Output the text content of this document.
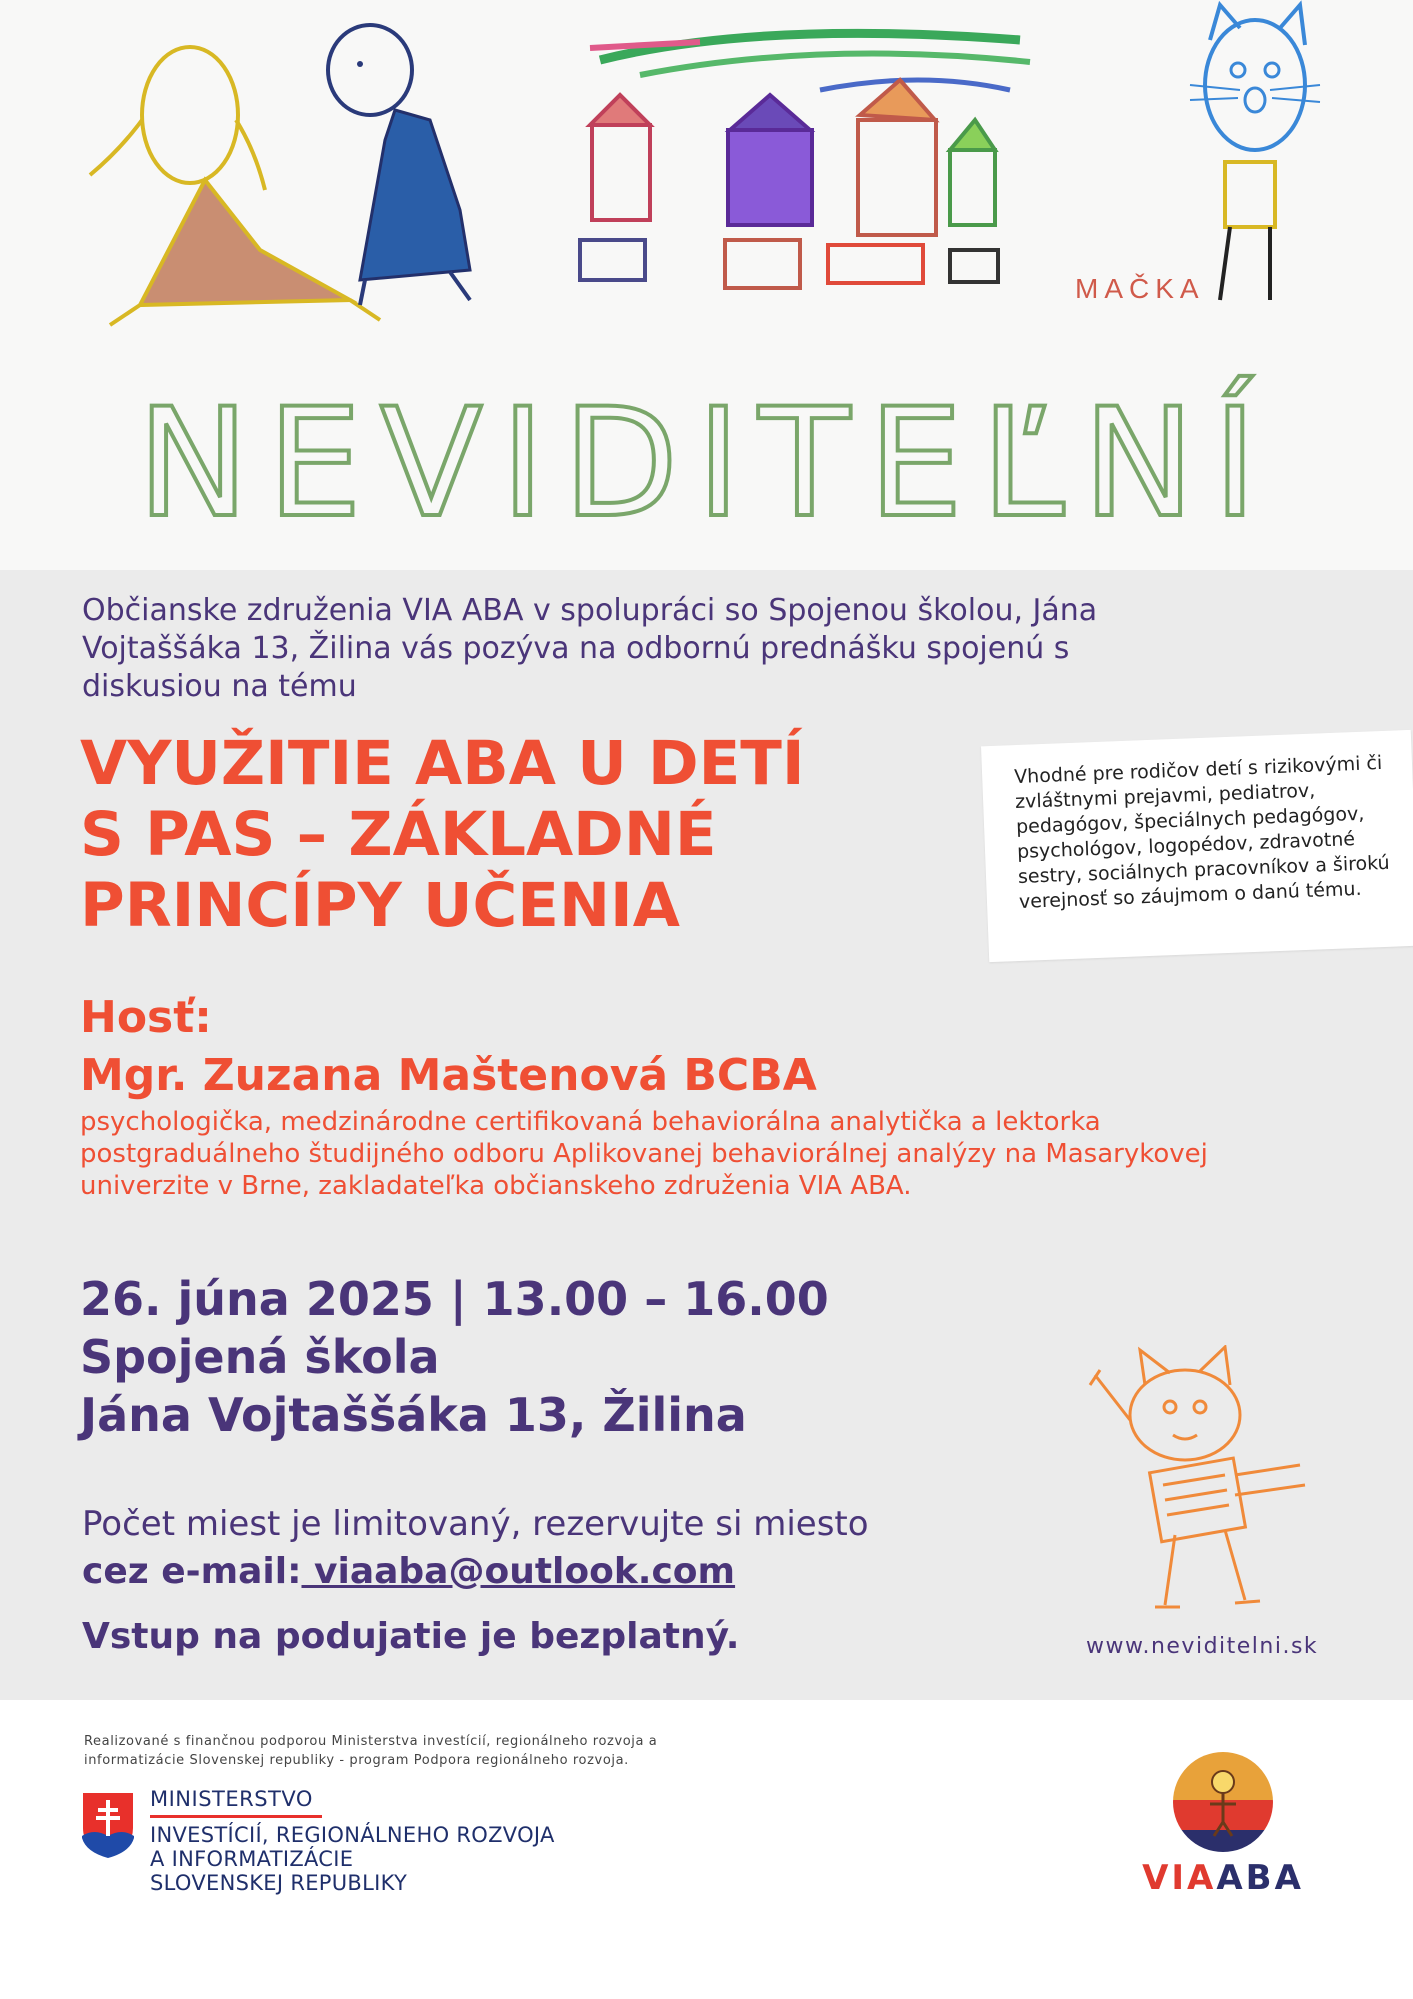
MAČKA
NEVIDITEĽNÍ

Občianske združenia VIA ABA v spolupráci so Spojenou školou, Jána Vojtaššáka 13, Žilina vás pozýva na odbornú prednášku spojenú s diskusiou na tému

VYUŽITIE ABA U DETÍ
S PAS – ZÁKLADNÉ
PRINCÍPY UČENIA

Vhodné pre rodičov detí s rizikovými či zvláštnymi prejavmi, pediatrov, pedagógov, špeciálnych pedagógov, psychológov, logopédov, zdravotné sestry, sociálnych pracovníkov a širokú verejnosť so záujmom o danú tému.

Hosť:

Mgr. Zuzana Maštenová BCBA

psychologička, medzinárodne certifikovaná behaviorálna analytička a lektorka postgraduálneho študijného odboru Aplikovanej behaviorálnej analýzy na Masarykovej univerzite v Brne, zakladateľka občianskeho združenia VIA ABA.

26. júna 2025 | 13.00 – 16.00
Spojená škola
Jána Vojtaššáka 13, Žilina

Počet miest je limitovaný, rezervujte si miesto

cez e-mail: viaaba@outlook.com

Vstup na podujatie je bezplatný.	www.neviditelni.sk

Realizované s finančnou podporou Ministerstva investícií, regionálneho rozvoja a informatizácie Slovenskej republiky - program Podpora regionálneho rozvoja.

MINISTERSTVO

INVESTÍCIÍ, REGIONÁLNEHO ROZVOJA
A INFORMATIZÁCIE
SLOVENSKEJ REPUBLIKY	VIAABA
